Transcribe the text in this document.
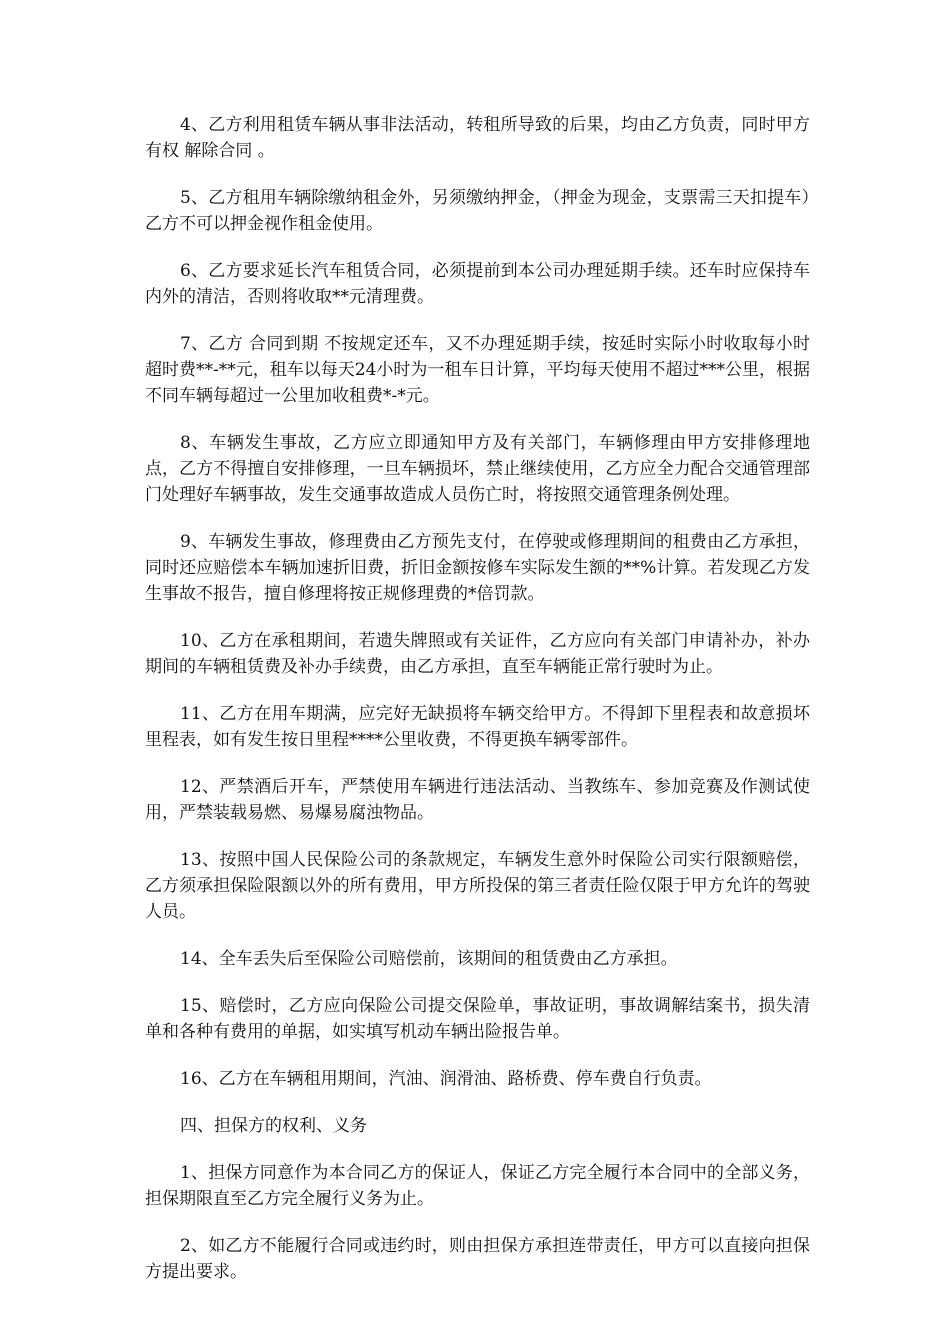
4、乙方利用租赁车辆从事非法活动，转租所导致的后果，均由乙方负责，同时甲方有权 解除合同 。

5、乙方租用车辆除缴纳租金外，另须缴纳押金，（押金为现金，支票需三天扣提车）乙方不可以押金视作租金使用。

6、乙方要求延长汽车租赁合同，必须提前到本公司办理延期手续。还车时应保持车内外的清洁，否则将收取**元清理费。

7、乙方 合同到期 不按规定还车，又不办理延期手续，按延时实际小时收取每小时超时费**-**元，租车以每天24小时为一租车日计算，平均每天使用不超过***公里，根据不同车辆每超过一公里加收租费*-*元。

8、车辆发生事故，乙方应立即通知甲方及有关部门，车辆修理由甲方安排修理地点，乙方不得擅自安排修理，一旦车辆损坏，禁止继续使用，乙方应全力配合交通管理部门处理好车辆事故，发生交通事故造成人员伤亡时，将按照交通管理条例处理。

9、车辆发生事故，修理费由乙方预先支付，在停驶或修理期间的租费由乙方承担，同时还应赔偿本车辆加速折旧费，折旧金额按修车实际发生额的**%计算。若发现乙方发生事故不报告，擅自修理将按正规修理费的*倍罚款。

10、乙方在承租期间，若遗失牌照或有关证件，乙方应向有关部门申请补办，补办期间的车辆租赁费及补办手续费，由乙方承担，直至车辆能正常行驶时为止。

11、乙方在用车期满，应完好无缺损将车辆交给甲方。不得卸下里程表和故意损坏里程表，如有发生按日里程****公里收费，不得更换车辆零部件。

12、严禁酒后开车，严禁使用车辆进行违法活动、当教练车、参加竞赛及作测试使用，严禁装载易燃、易爆易腐浊物品。

13、按照中国人民保险公司的条款规定，车辆发生意外时保险公司实行限额赔偿，乙方须承担保险限额以外的所有费用，甲方所投保的第三者责任险仅限于甲方允许的驾驶人员。

14、全车丢失后至保险公司赔偿前，该期间的租赁费由乙方承担。

15、赔偿时，乙方应向保险公司提交保险单，事故证明，事故调解结案书，损失清单和各种有费用的单据，如实填写机动车辆出险报告单。

16、乙方在车辆租用期间，汽油、润滑油、路桥费、停车费自行负责。

四、担保方的权利、义务

1、担保方同意作为本合同乙方的保证人，保证乙方完全履行本合同中的全部义务，担保期限直至乙方完全履行义务为止。

2、如乙方不能履行合同或违约时，则由担保方承担连带责任，甲方可以直接向担保方提出要求。
